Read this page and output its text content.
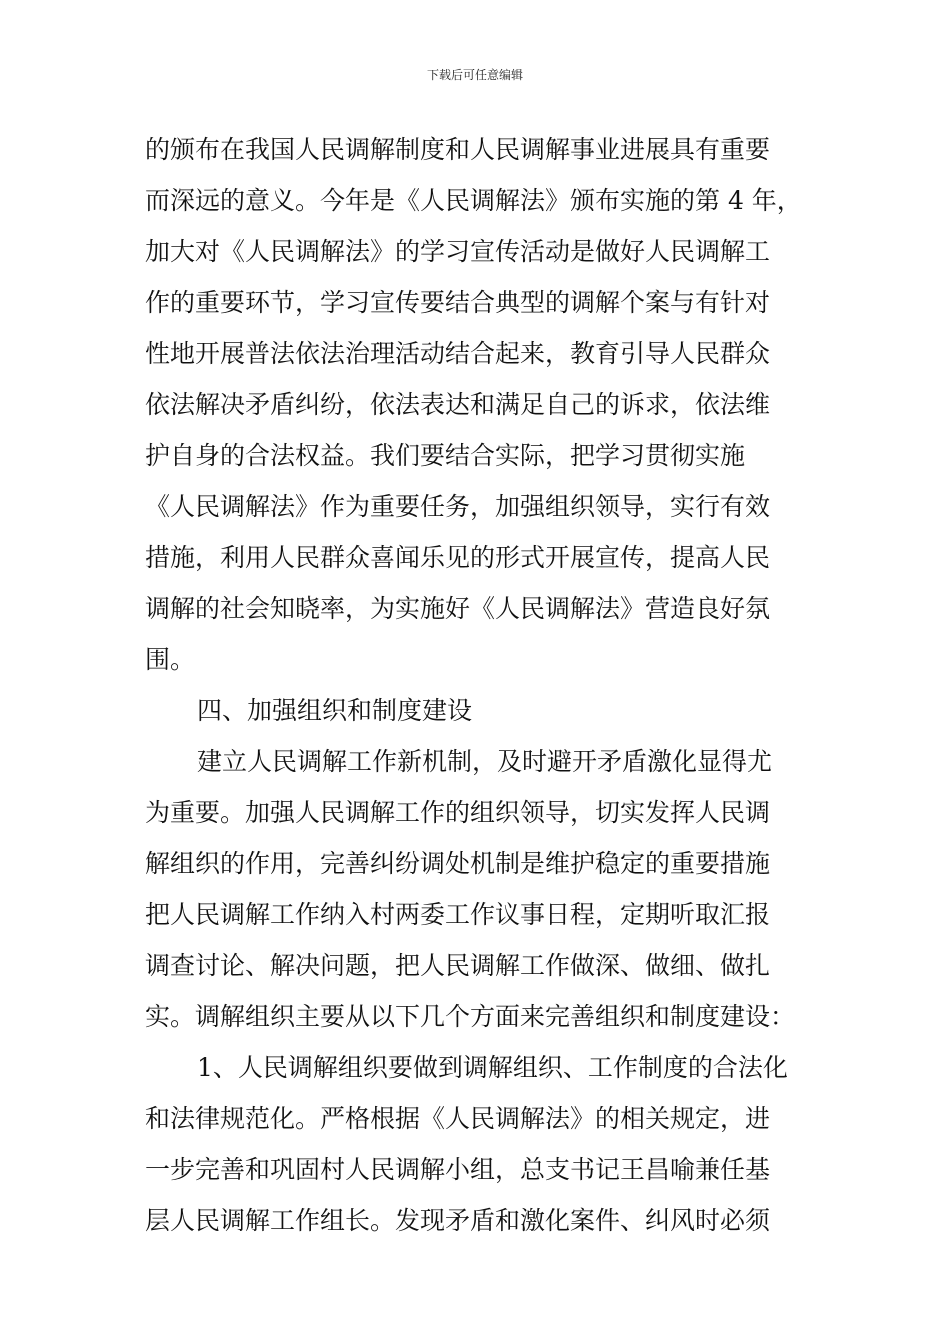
下载后可任意编辑
的颁布在我国人民调解制度和人民调解事业进展具有重要
而深远的意义。今年是《人民调解法》颁布实施的第 4 年，
加大对《人民调解法》的学习宣传活动是做好人民调解工
作的重要环节，学习宣传要结合典型的调解个案与有针对
性地开展普法依法治理活动结合起来，教育引导人民群众
依法解决矛盾纠纷，依法表达和满足自己的诉求，依法维
护自身的合法权益。我们要结合实际，把学习贯彻实施
《人民调解法》作为重要任务，加强组织领导，实行有效
措施，利用人民群众喜闻乐见的形式开展宣传，提高人民
调解的社会知晓率，为实施好《人民调解法》营造良好氛
围。
四、加强组织和制度建设
建立人民调解工作新机制，及时避开矛盾激化显得尤
为重要。加强人民调解工作的组织领导，切实发挥人民调
解组织的作用，完善纠纷调处机制是维护稳定的重要措施
把人民调解工作纳入村两委工作议事日程，定期听取汇报
调查讨论、解决问题，把人民调解工作做深、做细、做扎
实。调解组织主要从以下几个方面来完善组织和制度建设：
1、人民调解组织要做到调解组织、工作制度的合法化
和法律规范化。严格根据《人民调解法》的相关规定，进
一步完善和巩固村人民调解小组，总支书记王昌喻兼任基
层人民调解工作组长。发现矛盾和激化案件、纠风时必须
